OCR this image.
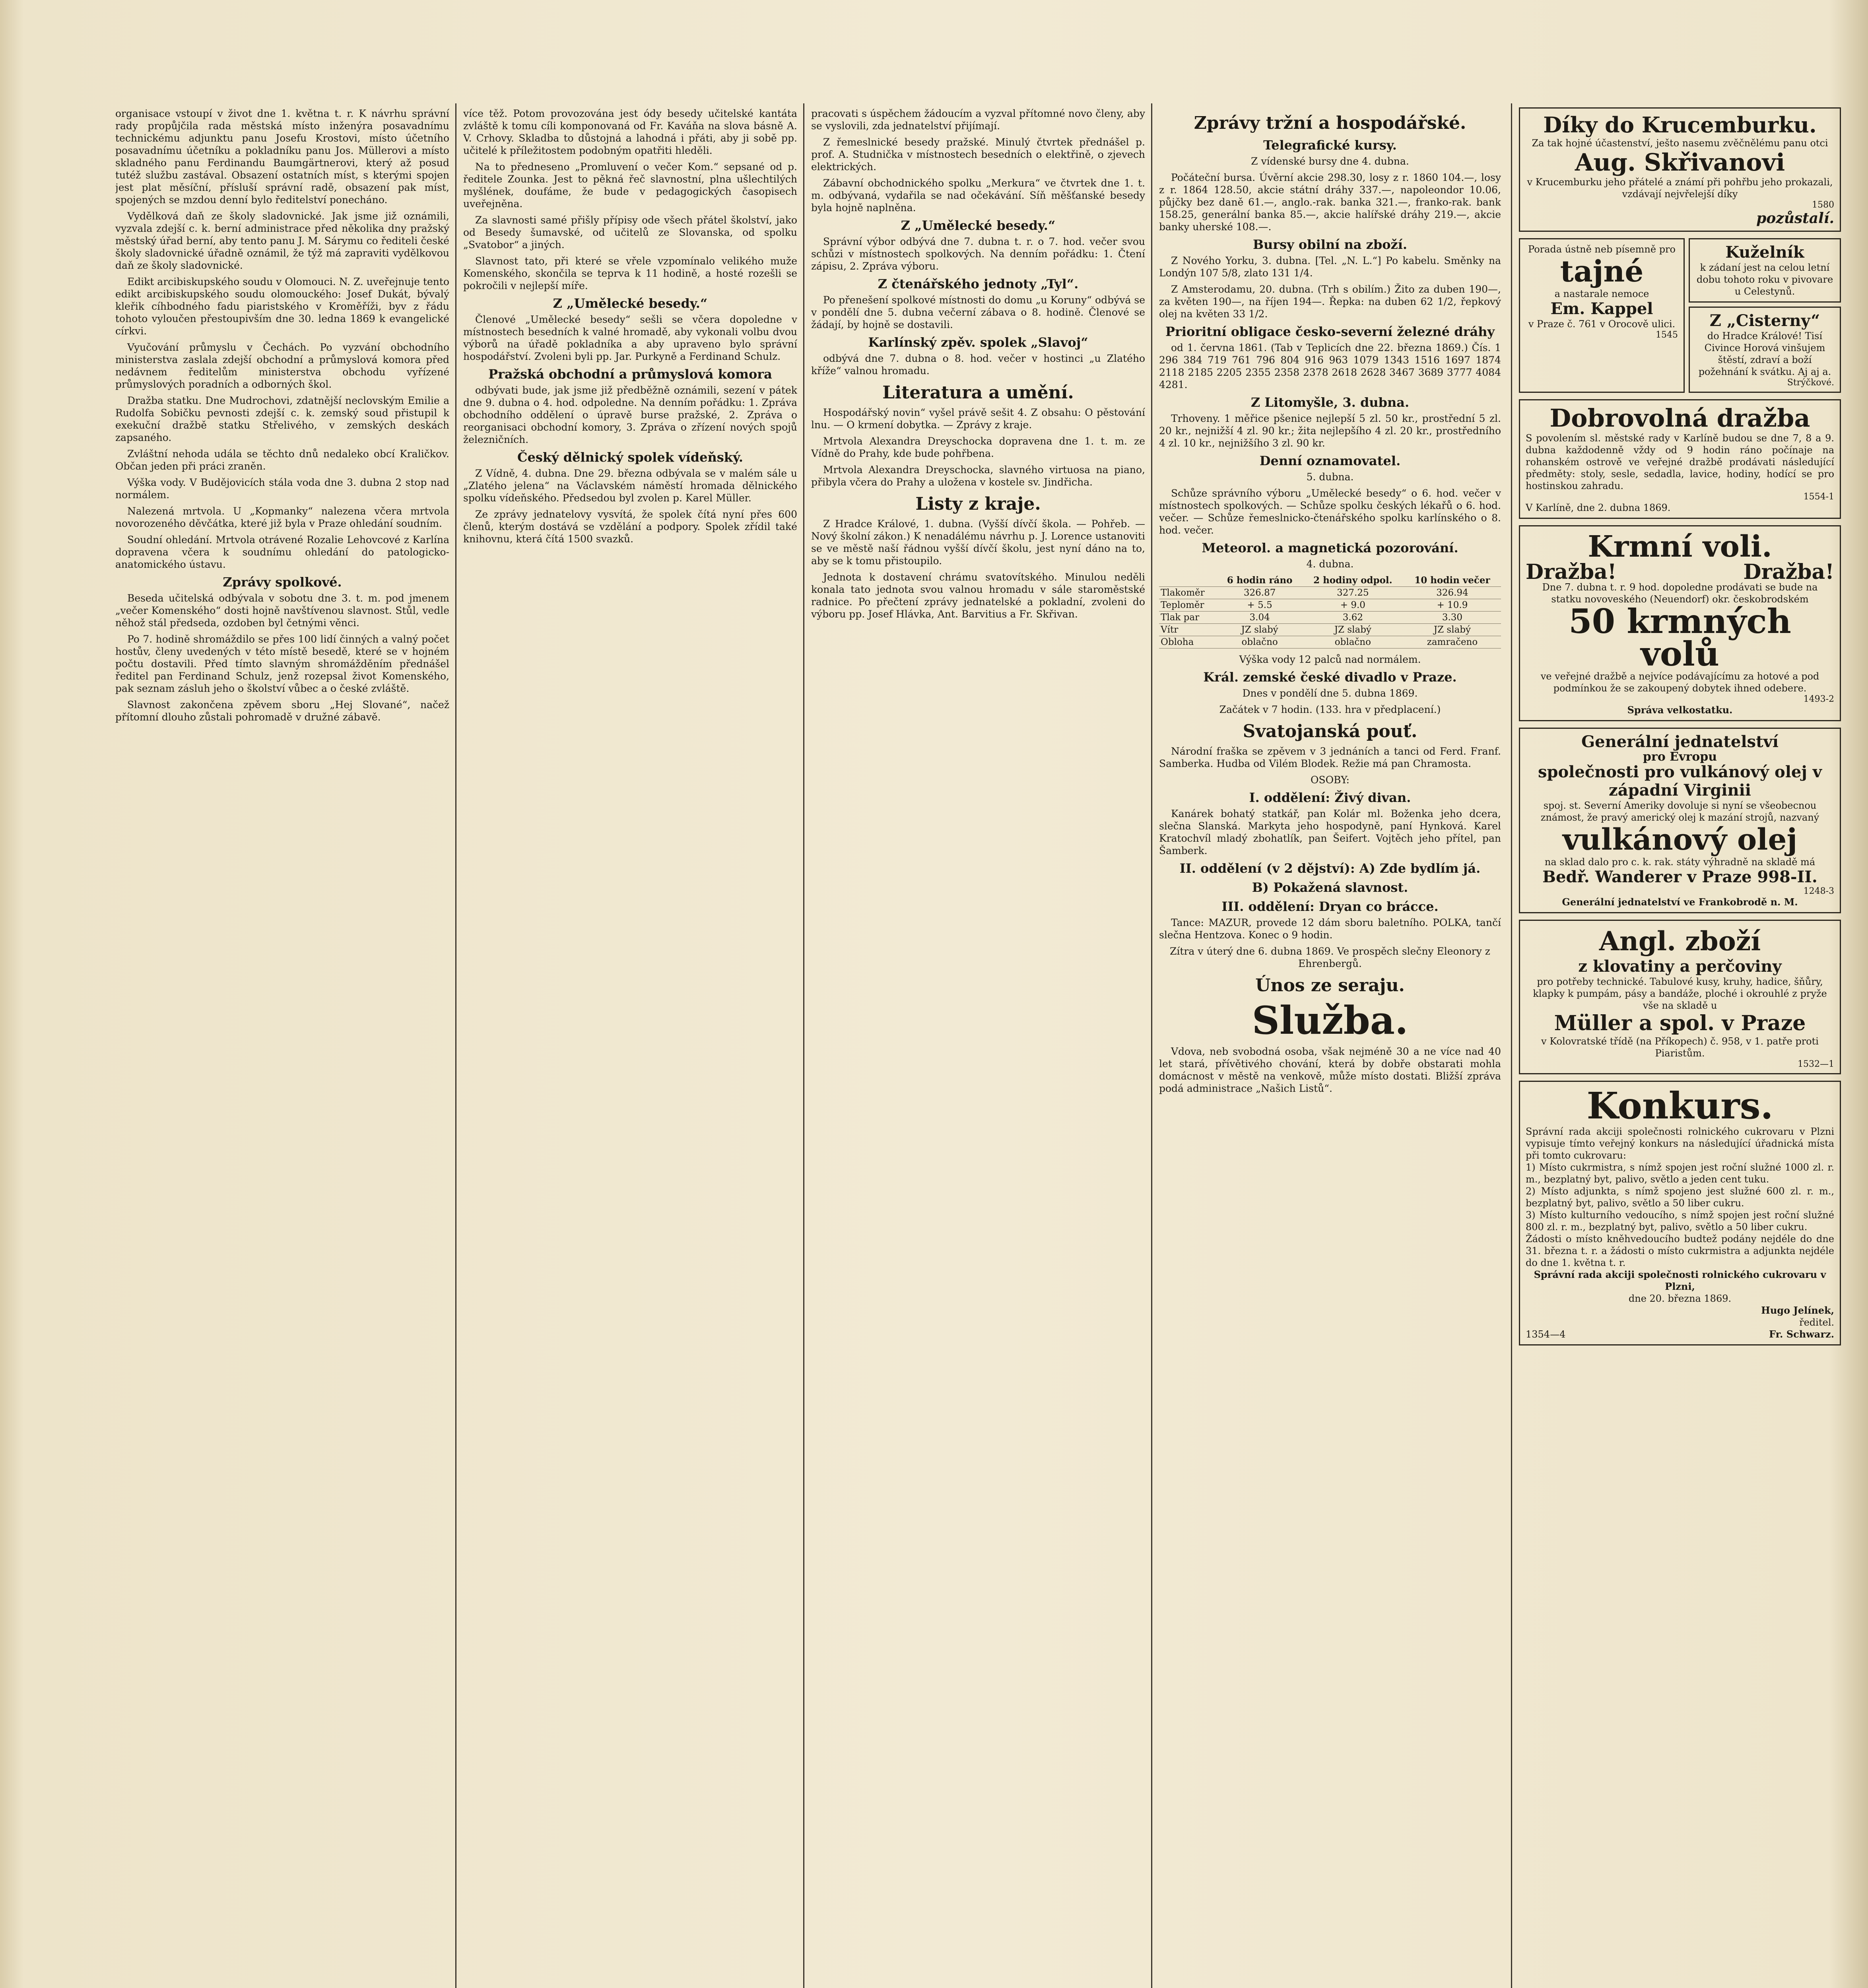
organisace vstoupí v život dne 1. května t. r. K návrhu správní rady propůjčila rada městská místo inženýra posavadnímu technickému adjunktu panu Josefu Krostovi, místo účetního posavadnímu účetníku a pokladníku panu Jos. Müllerovi a místo skladného panu Ferdinandu Baumgärtnerovi, který až posud tutéž službu zastával. Obsazení ostatních míst, s kterými spojen jest plat měsíční, přísluší správní radě, obsazení pak míst, spojených se mzdou denní bylo ředitelství ponecháno.

Vydělková daň ze školy sladovnické. Jak jsme již oznámili, vyzvala zdejší c. k. berní administrace před několika dny pražský městský úřad berní, aby tento panu J. M. Sárymu co řediteli české školy sladovnické úřadně oznámil, že týž má zapraviti vydělkovou daň ze školy sladovnické.

Edikt arcibiskupského soudu v Olomouci. N. Z. uveřejnuje tento edikt arcibiskupského soudu olomouckého: Josef Dukát, bývalý kleřik cíhbodného fadu piaristského v Kroměříži, byv z řádu tohoto vyloučen přestoupivším dne 30. ledna 1869 k evangelické církvi.

Vyučování průmyslu v Čechách. Po vyzvání obchodního ministerstva zaslala zdejší obchodní a průmyslová komora před nedávnem ředitelům ministerstva obchodu vyřízené průmyslových poradních a odborných škol.

Dražba statku. Dne Mudrochovi, zdatnější neclovským Emilie a Rudolfa Sobičku pevnosti zdejší c. k. zemský soud přistupil k exekuční dražbě statku Střelivého, v zemských deskách zapsaného.

Zvláštní nehoda udála se těchto dnů nedaleko obcí Kraličkov. Občan jeden při práci zraněn.

Výška vody. V Budějovicích stála voda dne 3. dubna 2 stop nad normálem.

Nalezená mrtvola. U „Kopmanky“ nalezena včera mrtvola novorozeného děvčátka, které již byla v Praze ohledání soudním.

Soudní ohledání. Mrtvola otrávené Rozalie Lehovcové z Karlína dopravena včera k soudnímu ohledání do patologicko-anatomického ústavu.

Zprávy spolkové.

Beseda učitelská odbývala v sobotu dne 3. t. m. pod jmenem „večer Komenského“ dosti hojně navštívenou slavnost. Stůl, vedle něhož stál předseda, ozdoben byl četnými věnci.

Po 7. hodině shromáždilo se přes 100 lidí činných a valný počet hostův, členy uvedených v této místě besedě, které se v hojném počtu dostavili. Před tímto slavným shromážděním přednášel ředitel pan Ferdinand Schulz, jenž rozepsal život Komenského, pak seznam zásluh jeho o školství vůbec a o české zvláště.

Slavnost zakončena zpěvem sboru „Hej Slované“, načež přítomní dlouho zůstali pohromadě v družné zábavě.

více těž. Potom provozována jest ódy besedy učitelské kantáta zvláště k tomu cíli komponovaná od Fr. Kaváňa na slova básně A. V. Crhovy. Skladba to důstojná a lahodná i přáti, aby ji sobě pp. učitelé k příležitostem podobným opatřiti hleděli.

Na to předneseno „Promluvení o večer Kom.“ sepsané od p. ředitele Zounka. Jest to pěkná řeč slavnostní, plna ušlechtilých myšlének, doufáme, že bude v pedagogických časopisech uveřejněna.

Za slavnosti samé přišly přípisy ode všech přátel školství, jako od Besedy šumavské, od učitelů ze Slovanska, od spolku „Svatobor“ a jiných.

Slavnost tato, při které se vřele vzpomínalo velikého muže Komenského, skončila se teprva k 11 hodině, a hosté rozešli se pokročili v nejlepší míře.

Z „Umělecké besedy.“

Členové „Umělecké besedy“ sešli se včera dopoledne v místnostech besedních k valné hromadě, aby vykonali volbu dvou výborů na úřadě pokladníka a aby upraveno bylo správní hospodářství. Zvoleni byli pp. Jar. Purkyně a Ferdinand Schulz.

Pražská obchodní a průmyslová komora

odbývati bude, jak jsme již předběžně oznámili, sezení v pátek dne 9. dubna o 4. hod. odpoledne. Na denním pořádku: 1. Zpráva obchodního oddělení o úpravě burse pražské, 2. Zpráva o reorganisaci obchodní komory, 3. Zpráva o zřízení nových spojů železničních.

Český dělnický spolek vídeňský.

Z Vídně, 4. dubna. Dne 29. března odbývala se v malém sále u „Zlatého jelena“ na Václavském náměstí hromada dělnického spolku vídeňského. Předsedou byl zvolen p. Karel Müller.

Ze zprávy jednatelovy vysvítá, že spolek čítá nyní přes 600 členů, kterým dostává se vzdělání a podpory. Spolek zřídil také knihovnu, která čítá 1500 svazků.

pracovati s úspěchem žádoucím a vyzval přítomné novo členy, aby se vyslovili, zda jednatelství přijímají.

Z řemeslnické besedy pražské. Minulý čtvrtek přednášel p. prof. A. Studnička v místnostech besedních o elektřině, o zjevech elektrických.

Zábavní obchodnického spolku „Merkura“ ve čtvrtek dne 1. t. m. odbývaná, vydařila se nad očekávání. Síň měšťanské besedy byla hojně naplněna.

Z „Umělecké besedy.“

Správní výbor odbývá dne 7. dubna t. r. o 7. hod. večer svou schůzi v místnostech spolkových. Na denním pořádku: 1. Čtení zápisu, 2. Zpráva výboru.

Z čtenářského jednoty „Tyl“.

Po přenešení spolkové místnosti do domu „u Koruny“ odbývá se v pondělí dne 5. dubna večerní zábava o 8. hodině. Členové se žádají, by hojně se dostavili.

Karlínský zpěv. spolek „Slavoj“

odbývá dne 7. dubna o 8. hod. večer v hostinci „u Zlatého kříže“ valnou hromadu.

Literatura a umění.

Hospodářský novin“ vyšel právě sešit 4. Z obsahu: O pěstování lnu. — O krmení dobytka. — Zprávy z kraje.

Mrtvola Alexandra Dreyschocka dopravena dne 1. t. m. ze Vídně do Prahy, kde bude pohřbena.

Mrtvola Alexandra Dreyschocka, slavného virtuosa na piano, přibyla včera do Prahy a uložena v kostele sv. Jindřicha.

Listy z kraje.

Z Hradce Králové, 1. dubna. (Vyšší dívčí škola. — Pohřeb. — Nový školní zákon.) K nenadálému návrhu p. J. Lorence ustanoviti se ve městě naší řádnou vyšší dívčí školu, jest nyní dáno na to, aby se k tomu přistoupilo.

Jednota k dostavení chrámu svatovítského. Minulou neděli konala tato jednota svou valnou hromadu v sále staroměstské radnice. Po přečtení zprávy jednatelské a pokladní, zvoleni do výboru pp. Josef Hlávka, Ant. Barvitius a Fr. Skřivan.

Zprávy tržní a hospodářské.
Telegrafické kursy.

Z vídenské bursy dne 4. dubna.

Počáteční bursa. Úvěrní akcie 298.30, losy z r. 1860 104.—, losy z r. 1864 128.50, akcie státní dráhy 337.—, napoleondor 10.06, půjčky bez daně 61.—, anglo.-rak. banka 321.—, franko-rak. bank 158.25, generální banka 85.—, akcie halířské dráhy 219.—, akcie banky uherské 108.—.

Bursy obilní na zboží.

Z Nového Yorku, 3. dubna. [Tel. „N. L.“] Po kabelu. Směnky na Londýn 107 5/8, zlato 131 1/4.

Z Amsterodamu, 20. dubna. (Trh s obilím.) Žito za duben 190—, za květen 190—, na říjen 194—. Řepka: na duben 62 1/2, řepkový olej na květen 33 1/2.

Prioritní obligace česko-severní železné dráhy

od 1. června 1861. (Tab v Teplicích dne 22. března 1869.) Čís. 1 296 384 719 761 796 804 916 963 1079 1343 1516 1697 1874 2118 2185 2205 2355 2358 2378 2618 2628 3467 3689 3777 4084 4281.

Z Litomyšle, 3. dubna.

Trhoveny. 1 měřice pšenice nejlepší 5 zl. 50 kr., prostřední 5 zl. 20 kr., nejnižší 4 zl. 90 kr.; žita nejlepšího 4 zl. 20 kr., prostředního 4 zl. 10 kr., nejnižšího 3 zl. 90 kr.

Denní oznamovatel.

5. dubna.

Schůze správního výboru „Umělecké besedy“ o 6. hod. večer v místnostech spolkových. — Schůze spolku českých lékařů o 6. hod. večer. — Schůze řemeslnicko-čtenářského spolku karlínského o 8. hod. večer.

Meteorol. a magnetická pozorování.

4. dubna.

	6 hodin ráno	2 hodiny odpol.	10 hodin večer
Tlakoměr	326.87	327.25	326.94
Teploměr	+ 5.5	+ 9.0	+ 10.9
Tlak par	3.04	3.62	3.30
Vítr	JZ slabý	JZ slabý	JZ slabý
Obloha	oblačno	oblačno	zamračeno

Výška vody 12 palců nad normálem.

Král. zemské české divadlo v Praze.

Dnes v pondělí dne 5. dubna 1869.

Začátek v 7 hodin. (133. hra v předplacení.)

Svatojanská pouť.

Národní fraška se zpěvem v 3 jednáních a tanci od Ferd. Franf. Samberka. Hudba od Vilém Blodek. Režie má pan Chramosta.

OSOBY:

I. oddělení: Živý divan.

Kanárek bohatý statkář, pan Kolár ml. Boženka jeho dcera, slečna Slanská. Markyta jeho hospodyně, paní Hynková. Karel Kratochvíl mladý zbohatlík, pan Šeifert. Vojtěch jeho přítel, pan Šamberk.

II. oddělení (v 2 dějství): A) Zde bydlím já.
B) Pokažená slavnost.
III. oddělení: Dryan co brácce.

Tance: MAZUR, provede 12 dám sboru baletního. POLKA, tančí slečna Hentzova. Konec o 9 hodin.

Zítra v úterý dne 6. dubna 1869. Ve prospěch slečny Eleonory z Ehrenbergů.

Únos ze seraju.
Služba.

Vdova, neb svobodná osoba, však nejméně 30 a ne více nad 40 let stará, přívětivého chování, která by dobře obstarati mohla domácnost v městě na venkově, může místo dostati. Bližší zpráva podá administrace „Našich Listů“.

Díky do Krucemburku.
Za tak hojné účastenství, ješto nasemu zvěčnělému panu otci
Aug. Skřivanovi
v Krucemburku jeho přátelé a známí při pohřbu jeho prokazali, vzdávají nejvřelejší díky
1580
pozůstalí.
Porada ústně neb písemně pro
tajné
a nastarale nemoce
Em. Kappel
v Praze č. 761 v Orocově ulici.
1545
Kuželník
k zádaní jest na celou letní dobu tohoto roku v pivovare u Celestynů.
Z „Cisterny“
do Hradce Králové! Tisí Civince Horová vinšujem štěstí, zdraví a boží požehnání k svátku. Aj aj a.
Strýčkové.
Dobrovolná dražba
S povolením sl. městské rady v Karlíně budou se dne 7, 8 a 9. dubna každodenně vždy od 9 hodin ráno počínaje na rohanském ostrově ve veřejné dražbě prodávati následující předměty: stoly, sesle, sedadla, lavice, hodiny, hodící se pro hostinskou zahradu.
1554-1
V Karlíně, dne 2. dubna 1869.
Krmní voli.
Dražba!	Dražba!
Dne 7. dubna t. r. 9 hod. dopoledne prodávati se bude na statku novoveského (Neuendorf) okr. českobrodském
50 krmných volů
ve veřejné dražbě a nejvíce podávajícímu za hotové a pod podmínkou že se zakoupený dobytek ihned odebere.
1493-2
Správa velkostatku.
Generální jednatelství
pro Evropu
společnosti pro vulkánový olej v západní Virginii
spoj. st. Severní Ameriky dovoluje si nyní se všeobecnou známost, že pravý americký olej k mazání strojů, nazvaný
vulkánový olej
na sklad dalo pro c. k. rak. státy výhradně na skladě má
Bedř. Wanderer v Praze 998-II.
1248-3
Generální jednatelství ve Frankobrodě n. M.
Angl. zboží
z klovatiny a perčoviny
pro potřeby technické. Tabulové kusy, kruhy, hadice, šňůry, klapky k pumpám, pásy a bandáže, ploché i okrouhlé z pryže vše na skladě u
Müller a spol. v Praze
v Kolovratské třídě (na Příkopech) č. 958, v 1. patře proti Piaristům.
1532—1
Konkurs.
Správní rada akciji společnosti rolnického cukrovaru v Plzni vypisuje tímto veřejný konkurs na následující úřadnická místa při tomto cukrovaru:
1) Místo cukrmistra, s nímž spojen jest roční služné 1000 zl. r. m., bezplatný byt, palivo, světlo a jeden cent tuku.
2) Místo adjunkta, s nímž spojeno jest služné 600 zl. r. m., bezplatný byt, palivo, světlo a 50 liber cukru.
3) Místo kulturního vedoucího, s nímž spojen jest roční služné 800 zl. r. m., bezplatný byt, palivo, světlo a 50 liber cukru.
Žádosti o místo kněhvedoucího budtež podány nejdéle do dne 31. března t. r. a žádosti o místo cukrmistra a adjunkta nejdéle do dne 1. května t. r.
Správní rada akciji společnosti rolnického cukrovaru v Plzni,
dne 20. března 1869.
Hugo Jelínek,
ředitel.
1354—4	Fr. Schwarz.
